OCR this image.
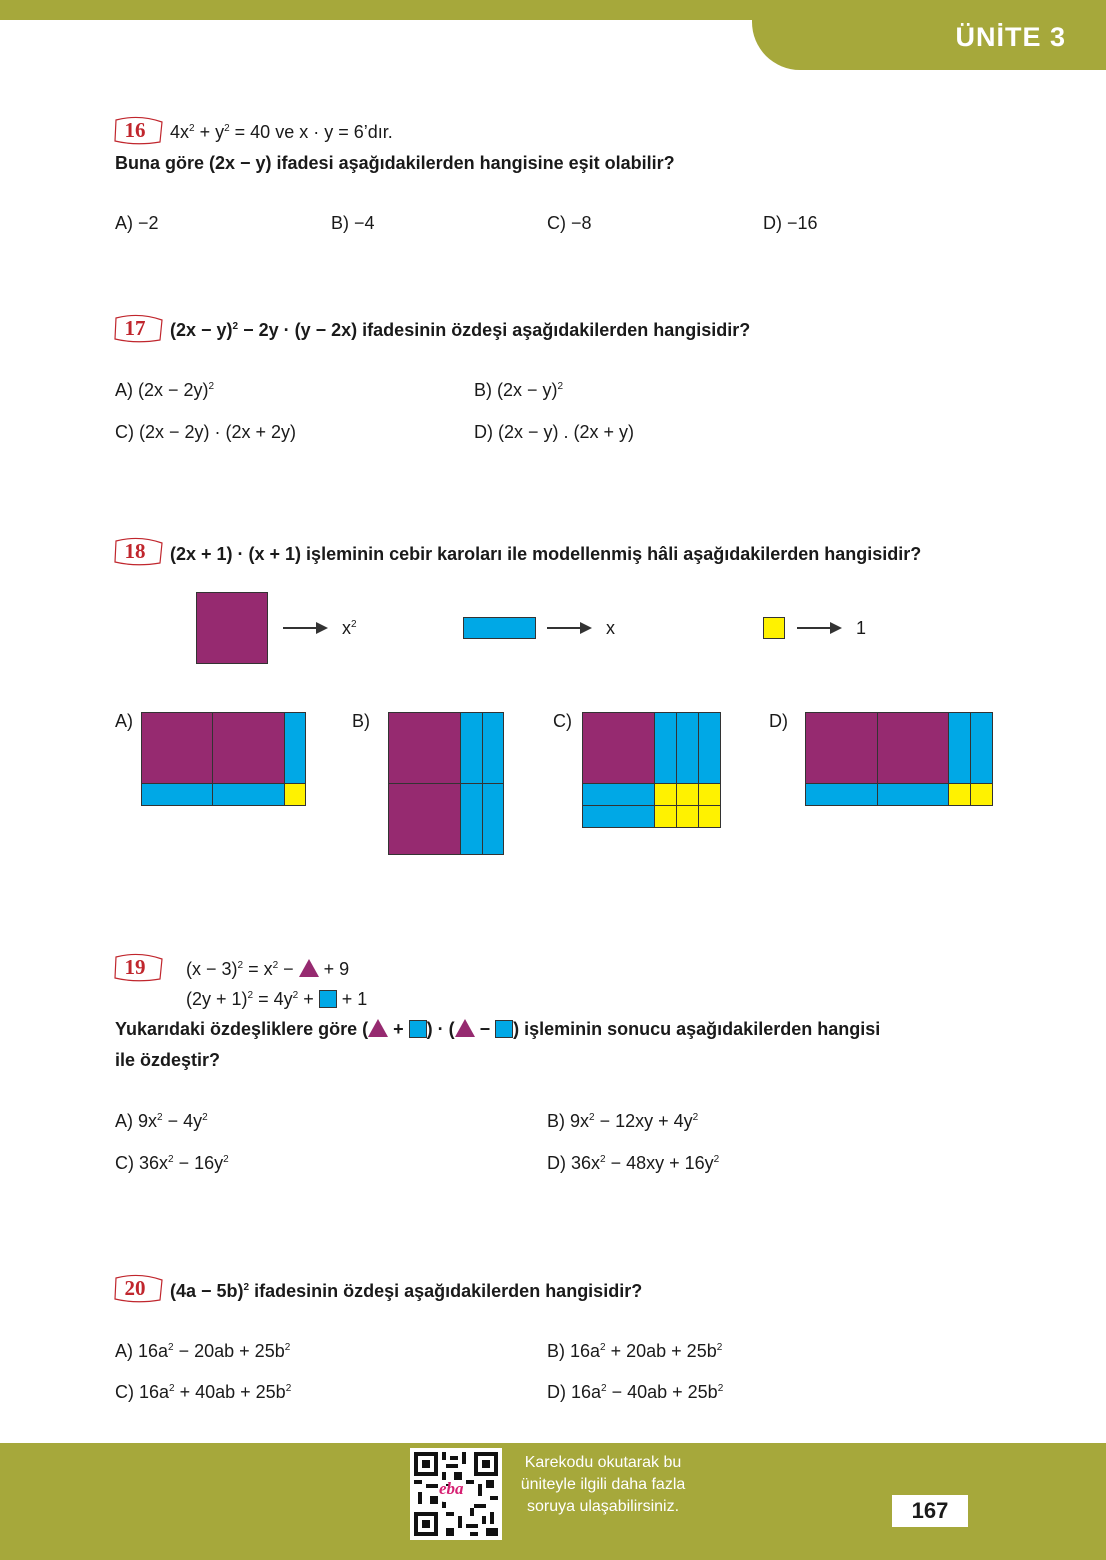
ÜNİTE 3
16	$4x^2 + y^2 = 40$ ve x · y = 6’dır.
Buna göre (2x − y) ifadesi aşağıdakilerden hangisine eşit olabilir?
A) −2	B) −4	C) −8	D) −16
17	$(2x - y)^2 - 2y \cdot (y - 2x)$ ifadesinin özdeşi aşağıdakilerden hangisidir?
A) $(2x - 2y)^2$	B) $(2x - y)^2$
C) (2x − 2y) · (2x + 2y)	D) (2x − y) . (2x + y)
18	(2x + 1) · (x + 1) işleminin cebir karoları ile modellenmiş hâli aşağıdakilerden hangisidir?
$x^2$	x	1
A)	B)	C)	D)
19	$(x - 3)^2 = x^2$ −  + 9
$(2y + 1)^2 = 4y^2$ +  + 1
Yukarıdaki özdeşliklere göre ( + ) · ( − ) işleminin sonucu aşağıdakilerden hangisi
ile özdeştir?
A) $9x^2 - 4y^2$	B) $9x^2 - 12xy + 4y^2$
C) $36x^2 - 16y^2$	D) $36x^2 - 48xy + 16y^2$
20	$(4a - 5b)^2$ ifadesinin özdeşi aşağıdakilerden hangisidir?
A) $16a^2 - 20ab + 25b^2$	B) $16a^2 + 20ab + 25b^2$
C) $16a^2 + 40ab + 25b^2$	D) $16a^2 - 40ab + 25b^2$
eba
Karekodu okutarak bu
üniteyle ilgili daha fazla
soruya ulaşabilirsiniz.	167
